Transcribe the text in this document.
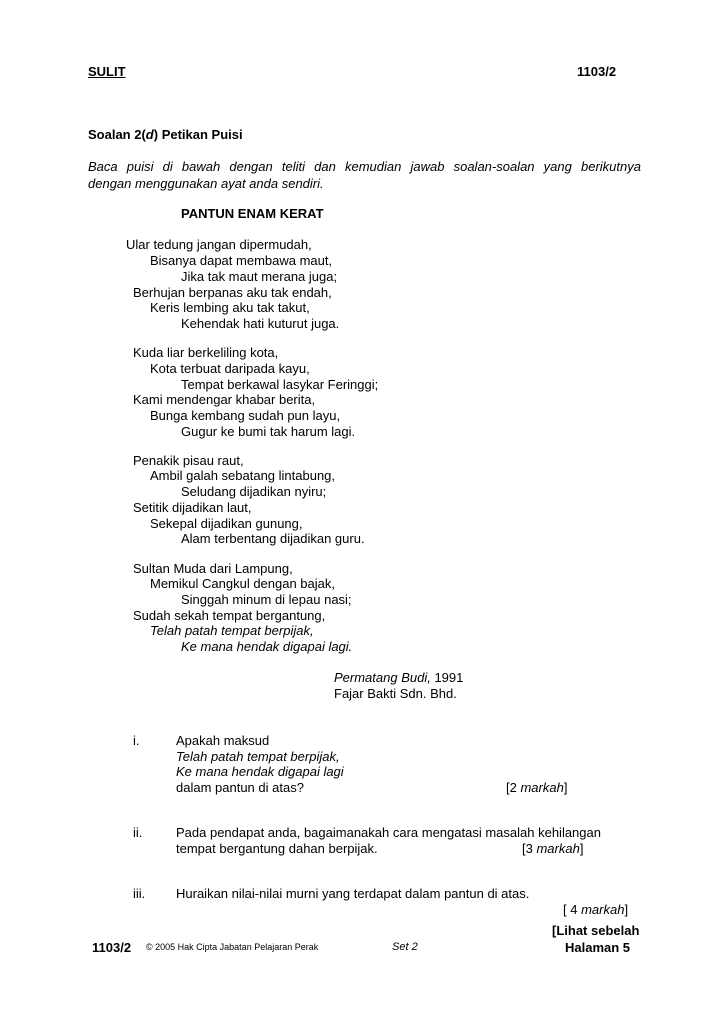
SULIT	1103/2
Soalan 2(d) Petikan Puisi
Baca puisi di bawah dengan teliti dan kemudian jawab soalan-soalan yang berikutnya
dengan menggunakan ayat anda sendiri.
PANTUN ENAM KERAT
Ular tedung jangan dipermudah,
Bisanya dapat membawa maut,
Jika tak maut merana juga;
Berhujan berpanas aku tak endah,
Keris lembing aku tak takut,
Kehendak hati kuturut juga.
Kuda liar berkeliling kota,
Kota terbuat daripada kayu,
Tempat berkawal lasykar Feringgi;
Kami mendengar khabar berita,
Bunga kembang sudah pun layu,
Gugur ke bumi tak harum lagi.
Penakik pisau raut,
Ambil galah sebatang lintabung,
Seludang dijadikan nyiru;
Setitik dijadikan laut,
Sekepal dijadikan gunung,
Alam terbentang dijadikan guru.
Sultan Muda dari Lampung,
Memikul Cangkul dengan bajak,
Singgah minum di lepau nasi;
Sudah sekah tempat bergantung,
Telah patah tempat berpijak,
Ke mana hendak digapai lagi.
Permatang Budi, 1991
Fajar Bakti Sdn. Bhd.
i.	Apakah maksud
Telah patah tempat berpijak,
Ke mana hendak digapai lagi
dalam pantun di atas?	[2 markah]
ii.	Pada pendapat anda, bagaimanakah cara mengatasi masalah kehilangan
tempat bergantung dahan berpijak.	[3 markah]
iii. Huraikan nilai-nilai murni yang terdapat dalam pantun di atas.
[ 4 markah]
[Lihat sebelah
1103/2 © 2005 Hak Cipta Jabatan Pelajaran Perak	Set 2	Halaman 5
